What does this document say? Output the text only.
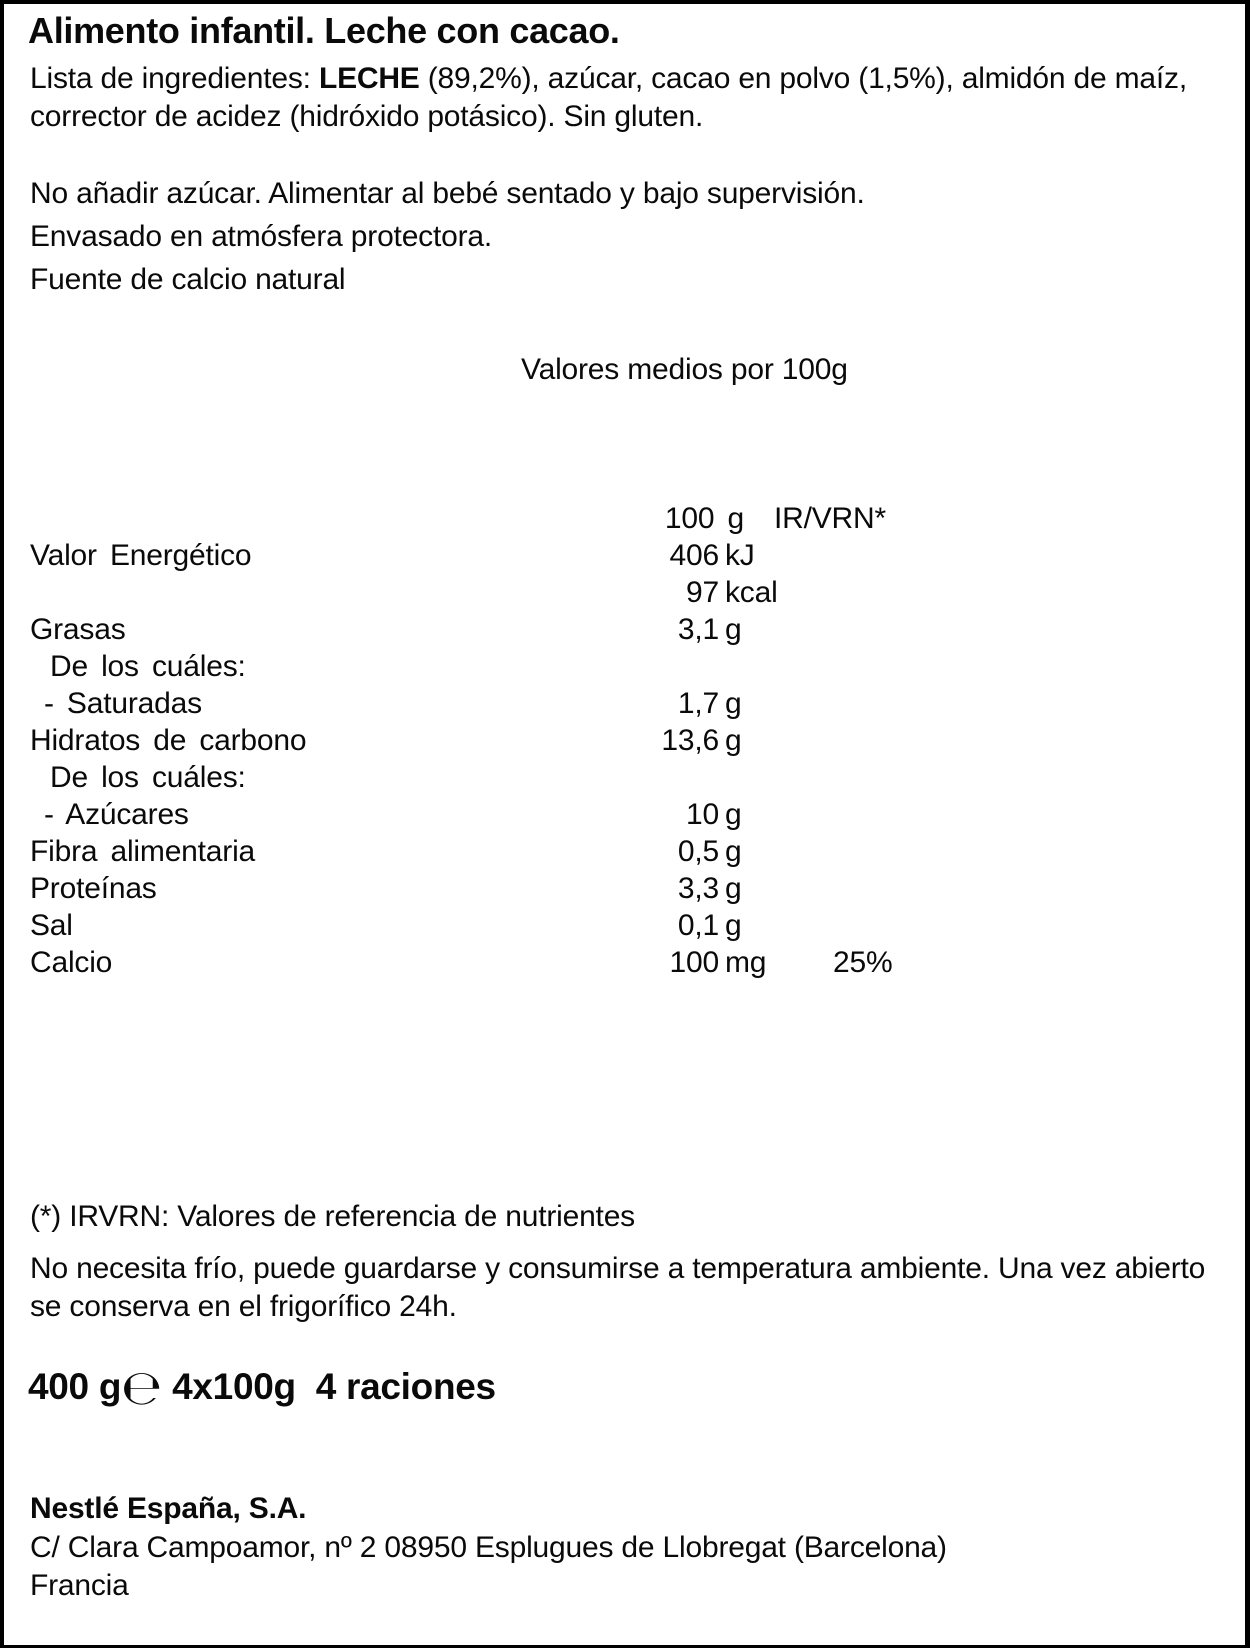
Alimento infantil. Leche con cacao.
Lista de ingredientes: LECHE (89,2%), azúcar, cacao en polvo (1,5%), almidón de maíz, corrector de acidez (hidróxido potásico). Sin gluten.
No añadir azúcar. Alimentar al bebé sentado y bajo supervisión.
Envasado en atmósfera protectora.
Fuente de calcio natural
Valores medios por 100g
100 g IR/VRN*
Valor Energético	406 kJ
97 kcal
Grasas	3,1 g
De los cuáles:
- Saturadas	1,7 g
Hidratos de carbono	13,6 g
De los cuáles:
- Azúcares	10 g
Fibra alimentaria	0,5 g
Proteínas	3,3 g
Sal	0,1 g
Calcio	100 mg	25%
(*) IRVRN: Valores de referencia de nutrientes
No necesita frío, puede guardarse y consumirse a temperatura ambiente. Una vez abierto se conserva en el frigorífico 24h.
400 g℮ 4x100g  4 raciones
Nestlé España, S.A.
C/ Clara Campoamor, nº 2 08950 Esplugues de Llobregat (Barcelona)
Francia
